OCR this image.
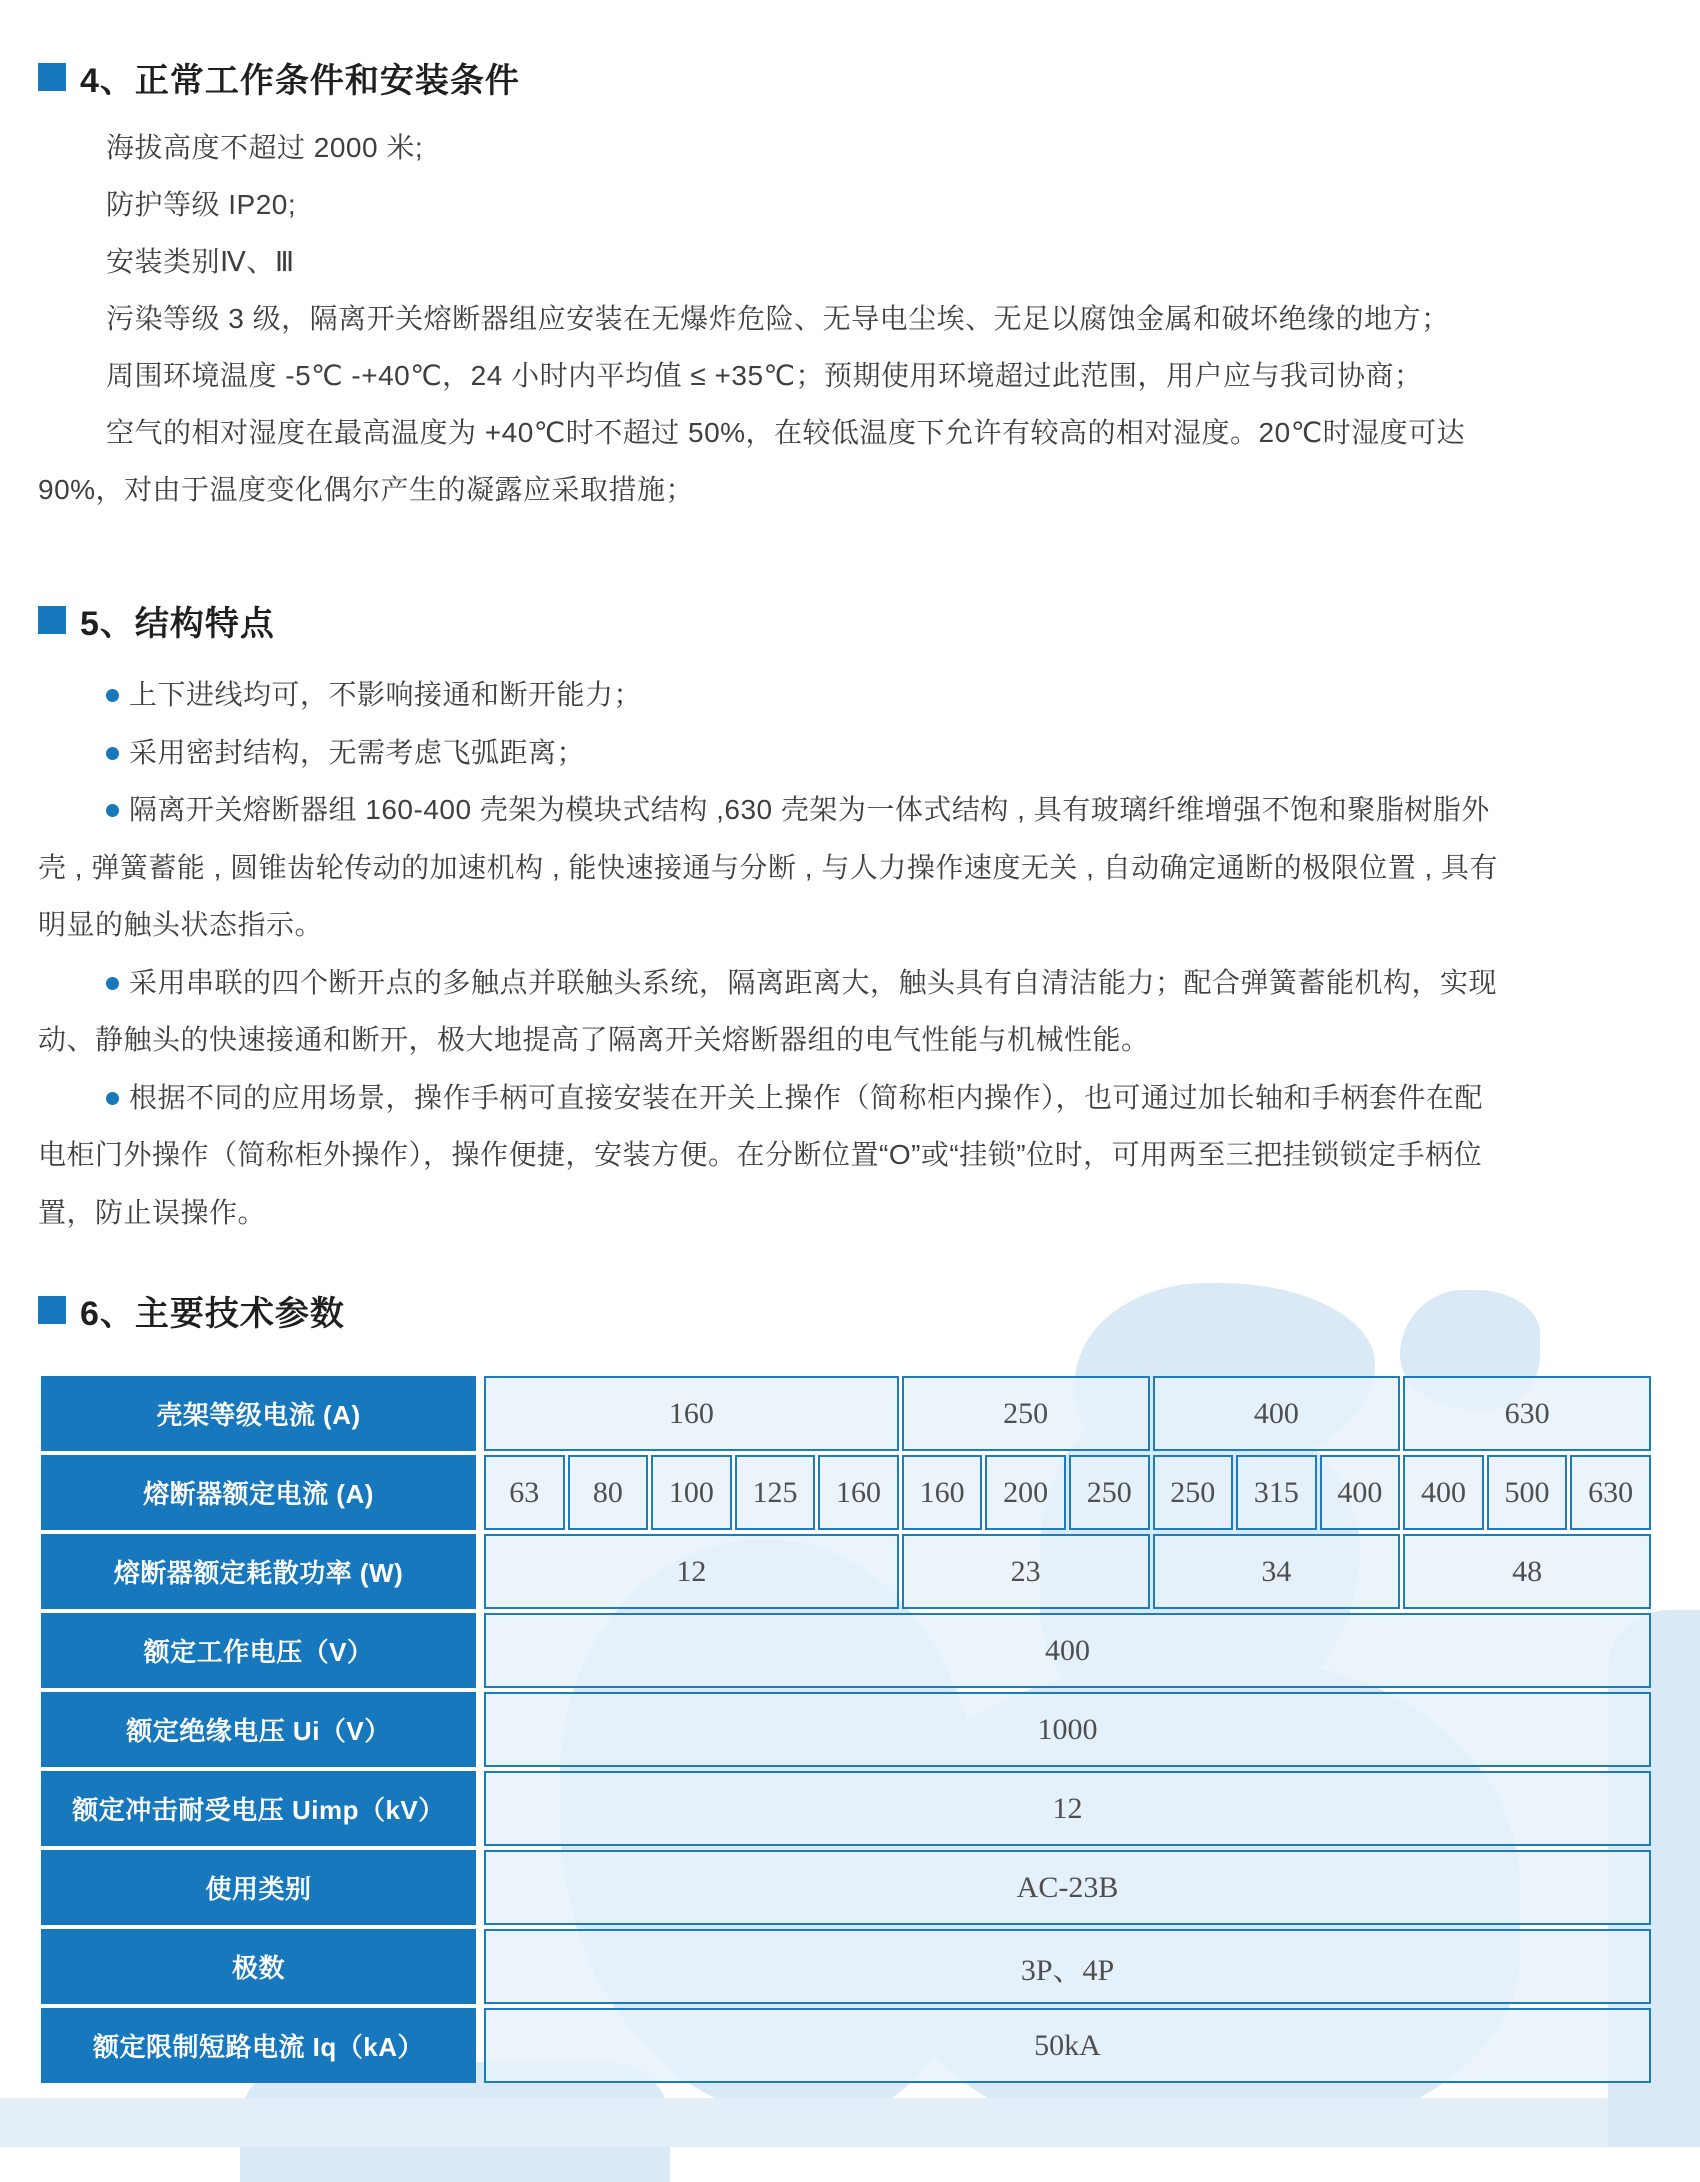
4、正常工作条件和安装条件

海拔高度不超过 2000 米;

防护等级 IP20;

安装类别Ⅳ、Ⅲ

污染等级 3 级，隔离开关熔断器组应安装在无爆炸危险、无导电尘埃、无足以腐蚀金属和破坏绝缘的地方；

周围环境温度 -5℃ -+40℃，24 小时内平均值 ≤ +35℃；预期使用环境超过此范围，用户应与我司协商；

空气的相对湿度在最高温度为 +40℃时不超过 50%，在较低温度下允许有较高的相对湿度。20℃时湿度可达 90%，对由于温度变化偶尔产生的凝露应采取措施；

5、结构特点

上下进线均可，不影响接通和断开能力；

采用密封结构，无需考虑飞弧距离；

隔离开关熔断器组 160-400 壳架为模块式结构 ,630 壳架为一体式结构 , 具有玻璃纤维增强不饱和聚脂树脂外壳 , 弹簧蓄能 , 圆锥齿轮传动的加速机构 , 能快速接通与分断 , 与人力操作速度无关 , 自动确定通断的极限位置 , 具有明显的触头状态指示。

采用串联的四个断开点的多触点并联触头系统，隔离距离大，触头具有自清洁能力；配合弹簧蓄能机构，实现动、静触头的快速接通和断开，极大地提高了隔离开关熔断器组的电气性能与机械性能。

根据不同的应用场景，操作手柄可直接安装在开关上操作（简称柜内操作），也可通过加长轴和手柄套件在配电柜门外操作（简称柜外操作），操作便捷，安装方便。在分断位置“O”或“挂锁”位时，可用两至三把挂锁锁定手柄位置，防止误操作。

6、主要技术参数
壳架等级电流 (A)	160					250			400			630		
熔断器额定电流 (A)	63	80	100	125	160	160	200	250	250	315	400	400	500	630
熔断器额定耗散功率 (W)	12					23			34			48		
额定工作电压（V）	400													
额定绝缘电压 Ui（V）	1000													
额定冲击耐受电压 Uimp（kV）	12													
使用类别	AC-23B													
极数	3P、4P													
额定限制短路电流 Iq（kA）	50kA													
